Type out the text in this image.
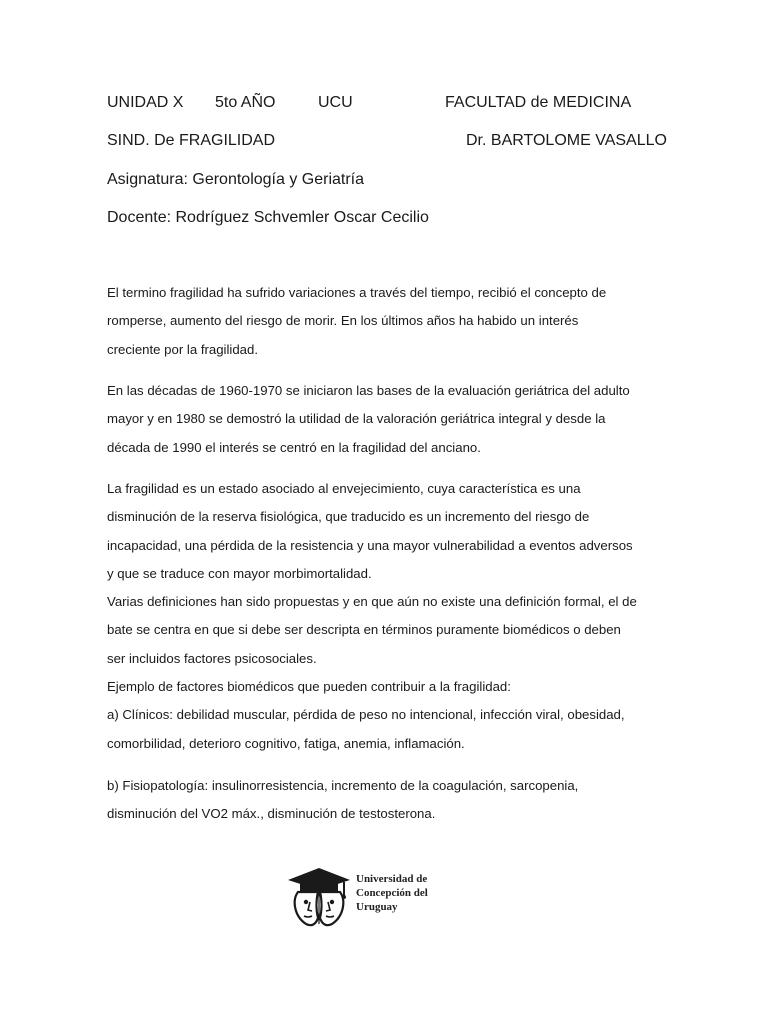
UNIDAD X 5to AÑO	UCU	FACULTAD de MEDICINA
SIND. De FRAGILIDAD	Dr. BARTOLOME VASALLO
Asignatura: Gerontología y Geriatría
Docente: Rodríguez Schvemler Oscar Cecilio

El termino fragilidad ha sufrido variaciones a través del tiempo, recibió el concepto de
romperse, aumento del riesgo de morir. En los últimos años ha habido un interés
creciente por la fragilidad.

En las décadas de 1960-1970 se iniciaron las bases de la evaluación geriátrica del adulto
mayor y en 1980 se demostró la utilidad de la valoración geriátrica integral y desde la
década de 1990 el interés se centró en la fragilidad del anciano.

La fragilidad es un estado asociado al envejecimiento, cuya característica es una
disminución de la reserva fisiológica, que traducido es un incremento del riesgo de
incapacidad, una pérdida de la resistencia y una mayor vulnerabilidad a eventos adversos
y que se traduce con mayor morbimortalidad.
Varias definiciones han sido propuestas y en que aún no existe una definición formal, el de
bate se centra en que si debe ser descripta en términos puramente biomédicos o deben
ser incluidos factores psicosociales.
Ejemplo de factores biomédicos que pueden contribuir a la fragilidad:
a) Clínicos: debilidad muscular, pérdida de peso no intencional, infección viral, obesidad,
comorbilidad, deterioro cognitivo, fatiga, anemia, inflamación.

b) Fisiopatología: insulinorresistencia, incremento de la coagulación, sarcopenia,
disminución del VO2 máx., disminución de testosterona.

Universidad de
Concepción del
Uruguay
